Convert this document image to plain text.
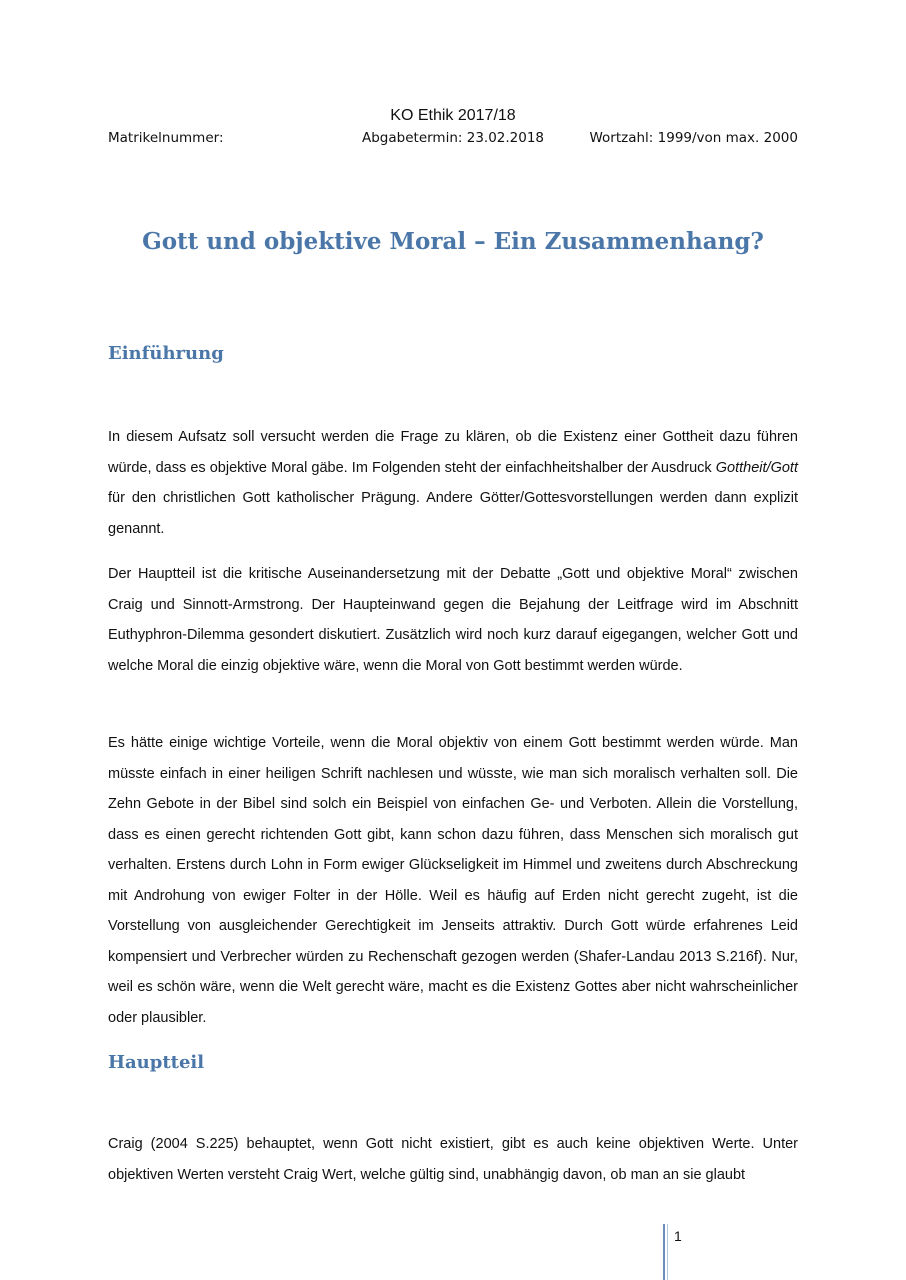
KO Ethik 2017/18
Matrikelnummer:	Abgabetermin: 23.02.2018	Wortzahl: 1999/von max. 2000
Gott und objektive Moral – Ein Zusammenhang?
Einführung

In diesem Aufsatz soll versucht werden die Frage zu klären, ob die Existenz einer Gottheit dazu führen würde, dass es objektive Moral gäbe. Im Folgenden steht der einfachheitshalber der Ausdruck Gottheit/Gott für den christlichen Gott katholischer Prägung. Andere Götter/Gottesvorstellungen werden dann explizit genannt.

Der Hauptteil ist die kritische Auseinandersetzung mit der Debatte „Gott und objektive Moral“ zwischen Craig und Sinnott-Armstrong. Der Haupteinwand gegen die Bejahung der Leitfrage wird im Abschnitt Euthyphron-Dilemma gesondert diskutiert. Zusätzlich wird noch kurz darauf eigegangen, welcher Gott und welche Moral die einzig objektive wäre, wenn die Moral von Gott bestimmt werden würde.

Es hätte einige wichtige Vorteile, wenn die Moral objektiv von einem Gott bestimmt werden würde. Man müsste einfach in einer heiligen Schrift nachlesen und wüsste, wie man sich moralisch verhalten soll. Die Zehn Gebote in der Bibel sind solch ein Beispiel von einfachen Ge- und Verboten. Allein die Vorstellung, dass es einen gerecht richtenden Gott gibt, kann schon dazu führen, dass Menschen sich moralisch gut verhalten. Erstens durch Lohn in Form ewiger Glückseligkeit im Himmel und zweitens durch Abschreckung mit Androhung von ewiger Folter in der Hölle. Weil es häufig auf Erden nicht gerecht zugeht, ist die Vorstellung von ausgleichender Gerechtigkeit im Jenseits attraktiv. Durch Gott würde erfahrenes Leid kompensiert und Verbrecher würden zu Rechenschaft gezogen werden (Shafer-Landau 2013 S.216f). Nur, weil es schön wäre, wenn die Welt gerecht wäre, macht es die Existenz Gottes aber nicht wahrscheinlicher oder plausibler.

Hauptteil

Craig (2004 S.225) behauptet, wenn Gott nicht existiert, gibt es auch keine objektiven Werte. Unter objektiven Werten versteht Craig Wert, welche gültig sind, unabhängig davon, ob man an sie glaubt

1
